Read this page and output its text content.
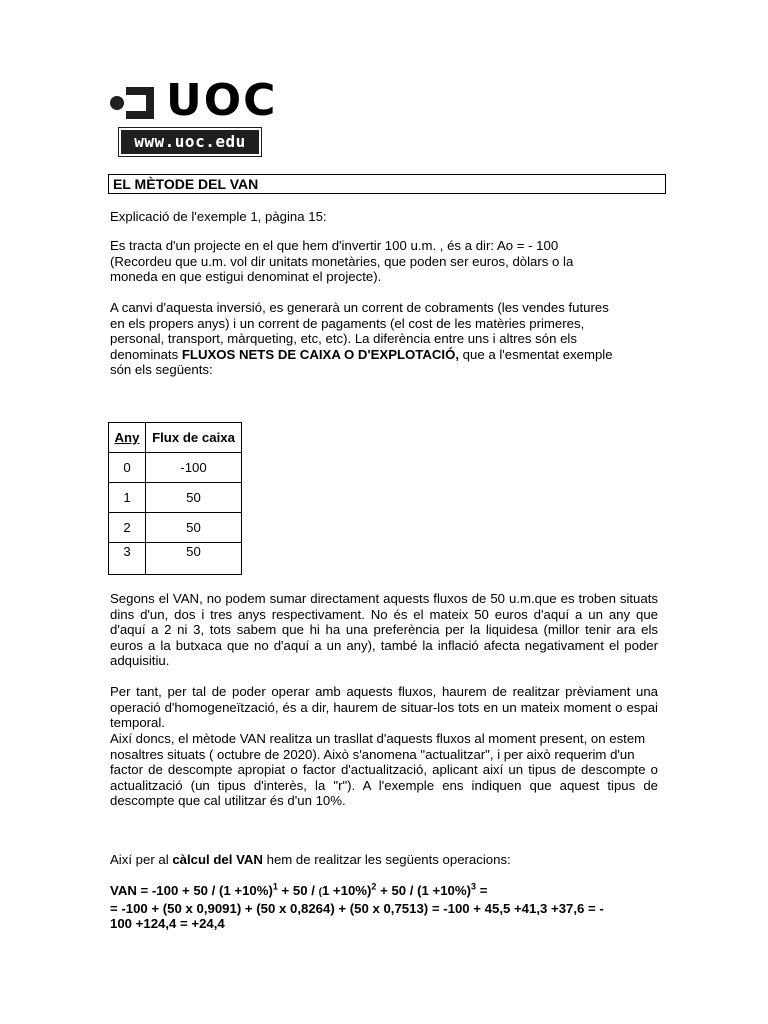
UOC
www.uoc.edu
EL MÈTODE DEL VAN
Explicació de l'exemple 1, pàgina 15:
Es tracta d'un projecte en el que hem d'invertir 100 u.m. , és a dir: Ao = - 100
(Recordeu que u.m. vol dir unitats monetàries, que poden ser euros, dòlars o la
moneda en que estigui denominat el projecte).
A canvi d'aquesta inversió, es generarà un corrent de cobraments (les vendes futures
en els propers anys) i un corrent de pagaments (el cost de les matèries primeres,
personal, transport, màrqueting, etc, etc). La diferència entre uns i altres són els
denominats FLUXOS NETS DE CAIXA O D'EXPLOTACIÓ, que a l'esmentat exemple
són els següents:
Any	Flux de caixa
0	-100
1	50
2	50
3	50
Segons el VAN, no podem sumar directament aquests fluxos de 50 u.m.que es troben situats dins d'un, dos i tres anys respectivament. No és el mateix 50 euros d'aquí a un any que d'aquí a 2 ni 3, tots sabem que hi ha una preferència per la liquidesa (millor tenir ara els euros a la butxaca que no d'aquí a un any), també la inflació afecta negativament el poder adquisitiu.
Per tant, per tal de poder operar amb aquests fluxos, haurem de realitzar prèviament una operació d'homogeneïtzació, és a dir, haurem de situar-los tots en un mateix moment o espai temporal.
Així doncs, el mètode VAN realitza un trasllat d'aquests fluxos al moment present, on estem
nosaltres situats ( octubre de 2020). Això s'anomena "actualitzar", i per això requerim d'un
factor de descompte apropiat o factor d'actualització, aplicant així un tipus de descompte o actualització (un tipus d'interès, la "r"). A l'exemple ens indiquen que aquest tipus de descompte que cal utilitzar és d'un 10%.
Així per al càlcul del VAN hem de realitzar les següents operacions:
VAN = $-100 + 50 / (1 +10\%)^1 + 50 / (1 +10\%)^2 + 50 / (1 +10\%)^3$ =
= -100 + (50 x 0,9091) + (50 x 0,8264) + (50 x 0,7513) = -100 + 45,5 +41,3 +37,6 = -
100 +124,4 = +24,4
